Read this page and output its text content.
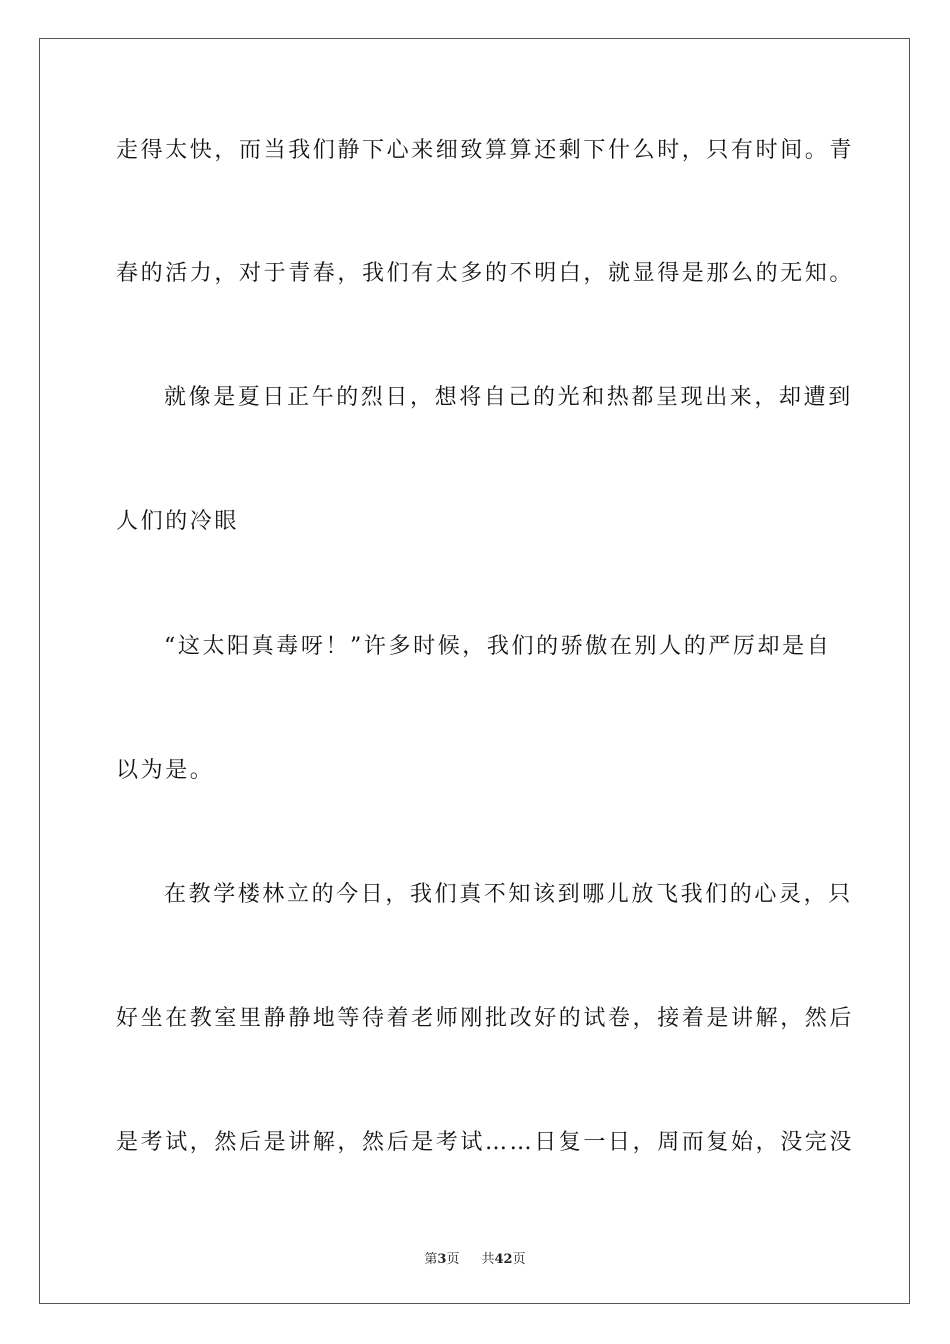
走得太快，而当我们静下心来细致算算还剩下什么时，只有时间。青
春的活力，对于青春，我们有太多的不明白，就显得是那么的无知。
就像是夏日正午的烈日，想将自己的光和热都呈现出来，却遭到
人们的冷眼
“这太阳真毒呀！”许多时候，我们的骄傲在别人的严厉却是自
以为是。
在教学楼林立的今日，我们真不知该到哪儿放飞我们的心灵，只
好坐在教室里静静地等待着老师刚批改好的试卷，接着是讲解，然后
是考试，然后是讲解，然后是考试……日复一日，周而复始，没完没
第3页 共42页
